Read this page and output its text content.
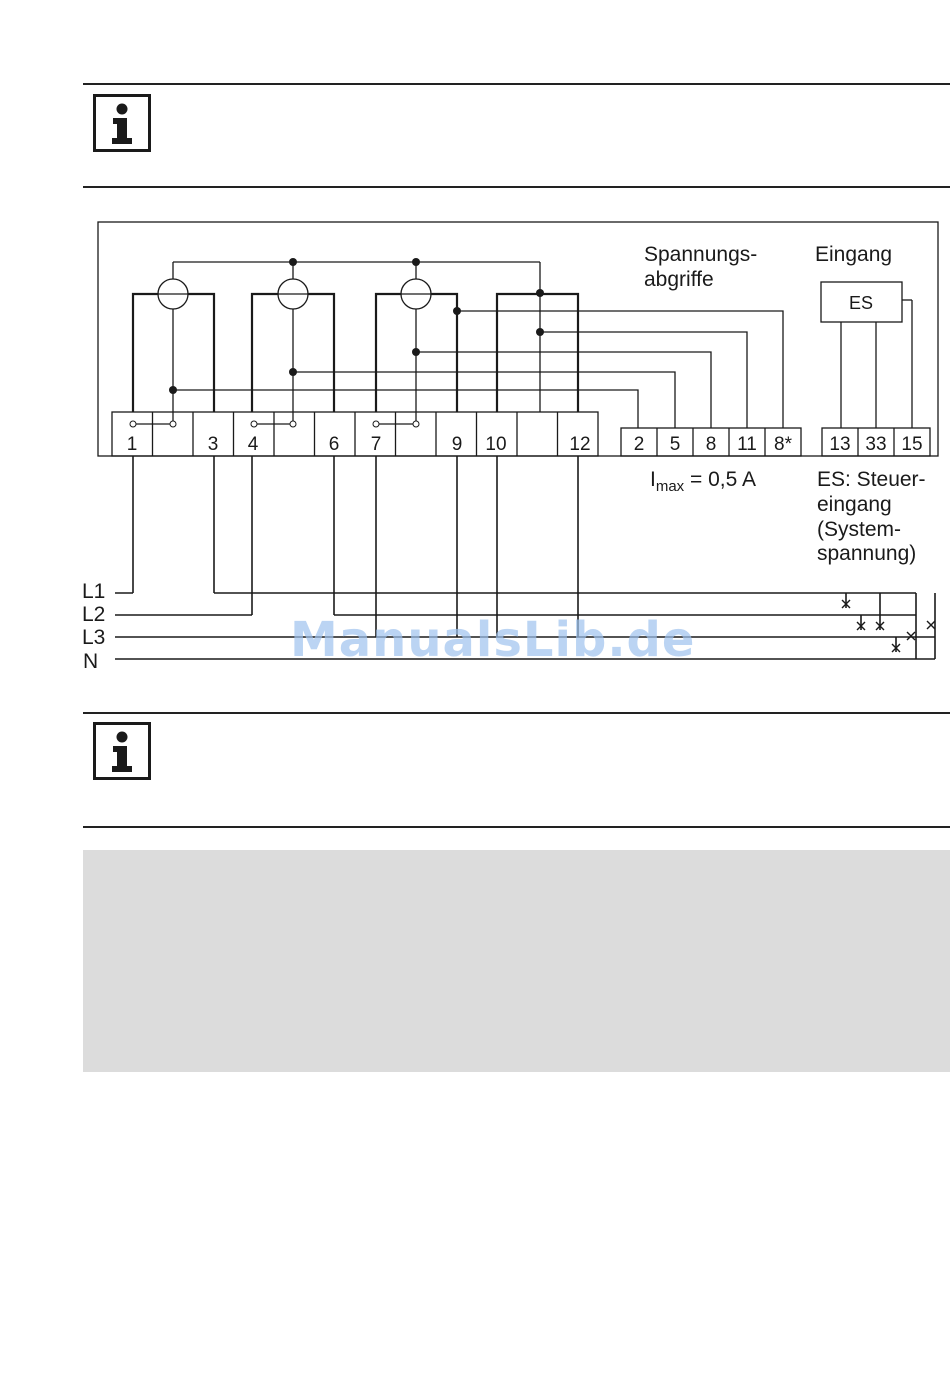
Spannungs-
abgriffe
Eingang
ES
1	3 4	6 7	9 10	12 2 5 8 11 8* 13 33 15
$I_{max} = 0,5$ A	ES: Steuer-
eingang
(System-
spannung)
L1
L2
L3
N	ManualsLib.de
